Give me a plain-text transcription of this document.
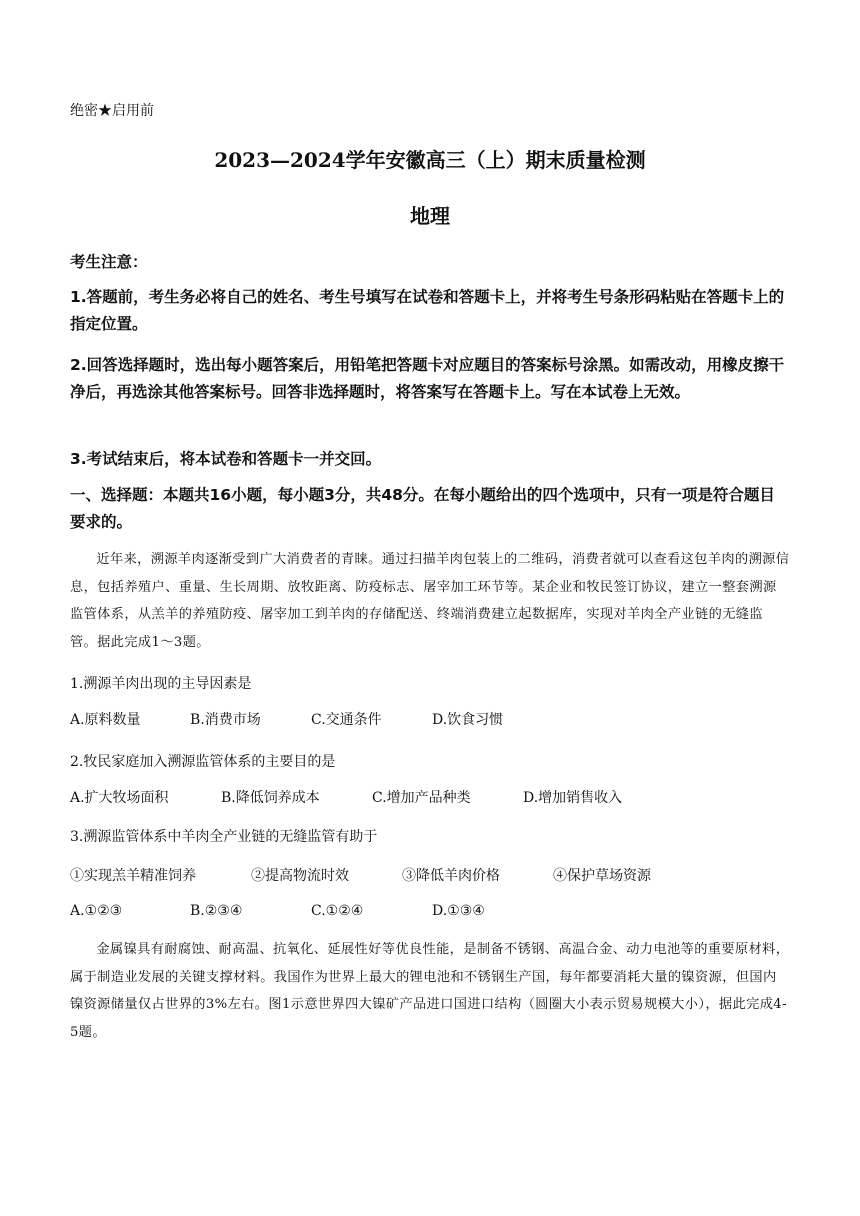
绝密★启用前
2023—2024学年安徽高三（上）期末质量检测
地理
考生注意：
1.答题前，考生务必将自己的姓名、考生号填写在试卷和答题卡上，并将考生号条形码粘贴在答题卡上的指定位置。
2.回答选择题时，选出每小题答案后，用铅笔把答题卡对应题目的答案标号涂黑。如需改动，用橡皮擦干净后，再选涂其他答案标号。回答非选择题时，将答案写在答题卡上。写在本试卷上无效。
3.考试结束后，将本试卷和答题卡一并交回。
一、选择题：本题共16小题，每小题3分，共48分。在每小题给出的四个选项中，只有一项是符合题目要求的。
近年来，溯源羊肉逐渐受到广大消费者的青睐。通过扫描羊肉包装上的二维码，消费者就可以查看这包羊肉的溯源信息，包括养殖户、重量、生长周期、放牧距离、防疫标志、屠宰加工环节等。某企业和牧民签订协议，建立一整套溯源监管体系，从羔羊的养殖防疫、屠宰加工到羊肉的存储配送、终端消费建立起数据库，实现对羊肉全产业链的无缝监管。据此完成1～3题。
1.溯源羊肉出现的主导因素是
A.原料数量	B.消费市场	C.交通条件	D.饮食习惯
2.牧民家庭加入溯源监管体系的主要目的是
A.扩大牧场面积	B.降低饲养成本	C.增加产品种类	D.增加销售收入
3.溯源监管体系中羊肉全产业链的无缝监管有助于
①实现羔羊精准饲养	②提高物流时效	③降低羊肉价格	④保护草场资源
A.①②③	B.②③④	C.①②④	D.①③④
金属镍具有耐腐蚀、耐高温、抗氧化、延展性好等优良性能，是制备不锈钢、高温合金、动力电池等的重要原材料，属于制造业发展的关键支撑材料。我国作为世界上最大的锂电池和不锈钢生产国，每年都要消耗大量的镍资源，但国内镍资源储量仅占世界的3%左右。图1示意世界四大镍矿产品进口国进口结构（圆圈大小表示贸易规模大小），据此完成4-5题。
